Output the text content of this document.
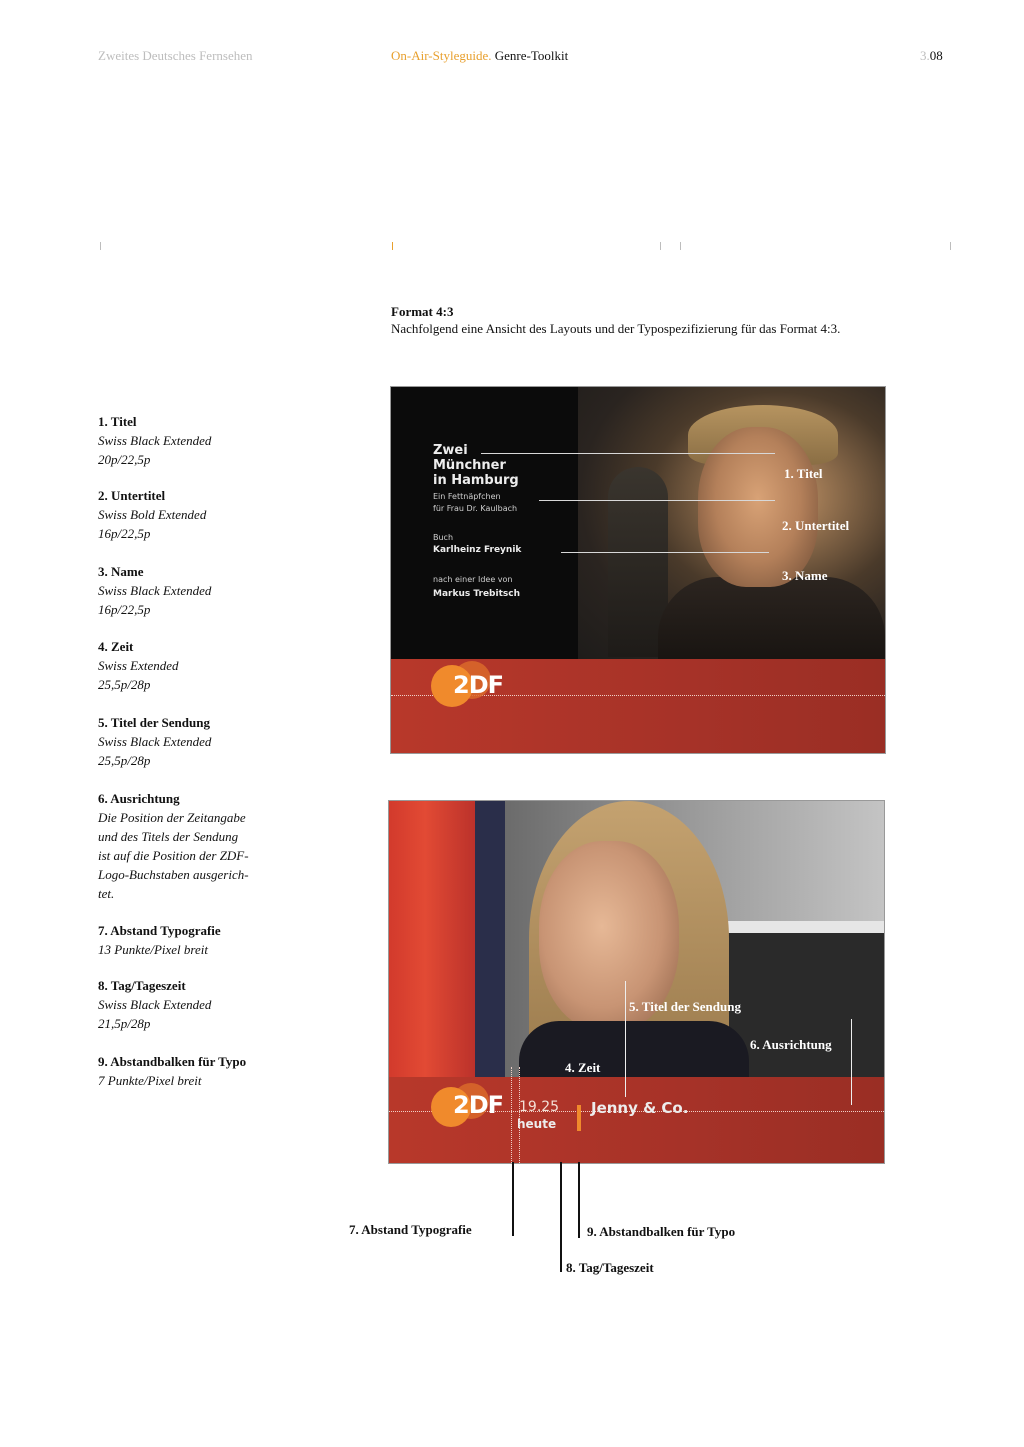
Zweites Deutsches Fernsehen	On-Air-Styleguide. Genre-Toolkit	3.08
Format 4:3
Nachfolgend eine Ansicht des Layouts und der Typospezifizierung für das Format 4:3.
1. Titel
Swiss Black Extended
20p/22,5p
2. Untertitel
Swiss Bold Extended
16p/22,5p
3. Name
Swiss Black Extended
16p/22,5p
4. Zeit
Swiss Extended
25,5p/28p
5. Titel der Sendung
Swiss Black Extended
25,5p/28p
6. Ausrichtung
Die Position der Zeitangabe
und des Titels der Sendung
ist auf die Position der ZDF-
Logo-Buchstaben ausgerich-
tet.
7. Abstand Typografie
13 Punkte/Pixel breit
8. Tag/Tageszeit
Swiss Black Extended
21,5p/28p
9. Abstandbalken für Typo
7 Punkte/Pixel breit
Zwei
Münchner
in Hamburg
Ein Fettnäpfchen
für Frau Dr. Kaulbach
Buch
Karlheinz Freynik
nach einer Idee von
Markus Trebitsch
1. Titel
2. Untertitel
3. Name
2DF
2DF 19.25
heute
Jenny & Co.
5. Titel der Sendung
6. Ausrichtung
4. Zeit
7. Abstand Typografie	9. Abstandbalken für Typo
8. Tag/Tageszeit
